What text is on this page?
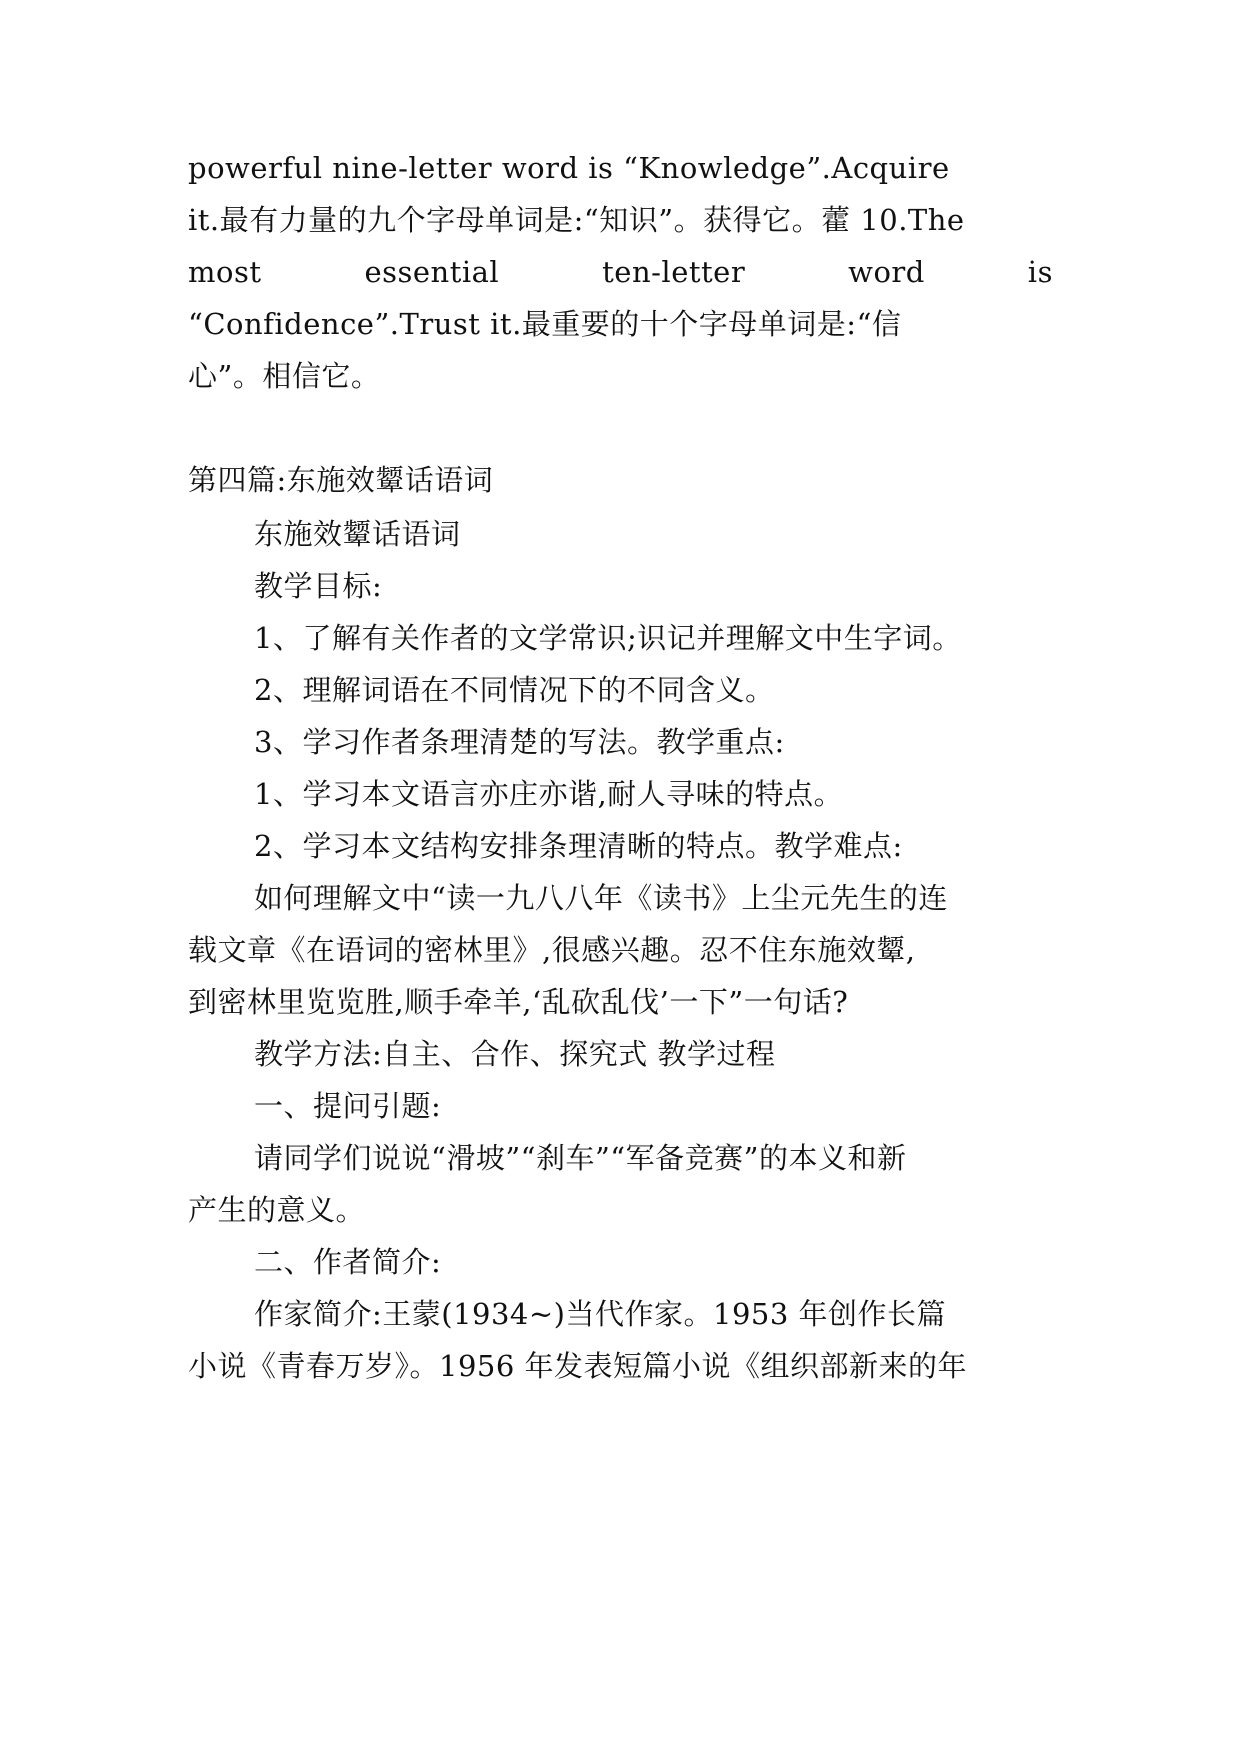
powerful nine-letter word is “Knowledge”.Acquire
it.最有力量的九个字母单词是:“知识”。获得它。藿 10.The
most	essential	ten-letter	word	is
“Confidence”.Trust it.最重要的十个字母单词是:“信
心”。相信它。
第四篇:东施效颦话语词
东施效颦话语词
教学目标:
1、了解有关作者的文学常识;识记并理解文中生字词。
2、理解词语在不同情况下的不同含义。
3、学习作者条理清楚的写法。教学重点:
1、学习本文语言亦庄亦谐,耐人寻味的特点。
2、学习本文结构安排条理清晰的特点。教学难点:
如何理解文中“读一九八八年《读书》上尘元先生的连
载文章《在语词的密林里》,很感兴趣。忍不住东施效颦,
到密林里览览胜,顺手牵羊,‘乱砍乱伐’一下”一句话?
教学方法:自主、合作、探究式 教学过程
一、提问引题:
请同学们说说“滑坡”“刹车”“军备竞赛”的本义和新
产生的意义。
二、作者简介:
作家简介:王蒙(1934~)当代作家。1953 年创作长篇
小说《青春万岁》。1956 年发表短篇小说《组织部新来的年
